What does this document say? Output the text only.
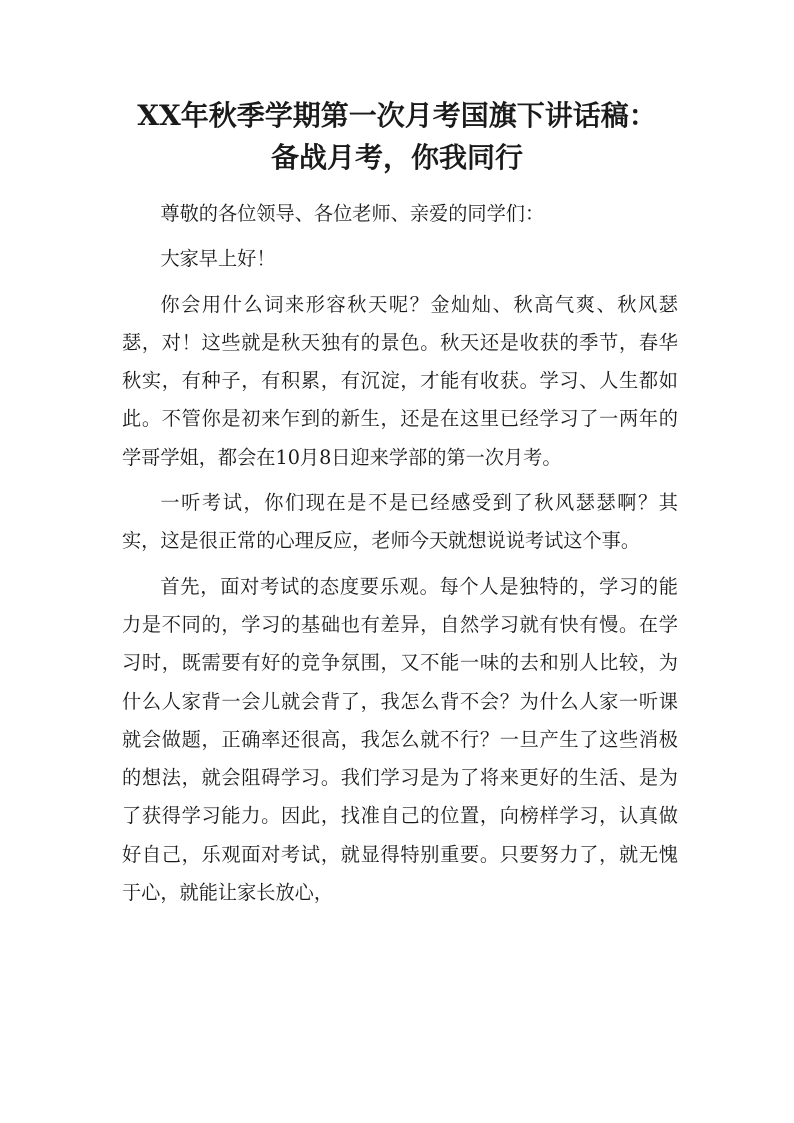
XX年秋季学期第一次月考国旗下讲话稿：
备战月考，你我同行

尊敬的各位领导、各位老师、亲爱的同学们：

大家早上好！

你会用什么词来形容秋天呢？金灿灿、秋高气爽、秋风瑟瑟，对！这些就是秋天独有的景色。秋天还是收获的季节，春华秋实，有种子，有积累，有沉淀，才能有收获。学习、人生都如此。不管你是初来乍到的新生，还是在这里已经学习了一两年的学哥学姐，都会在10月8日迎来学部的第一次月考。

一听考试，你们现在是不是已经感受到了秋风瑟瑟啊？其实，这是很正常的心理反应，老师今天就想说说考试这个事。

首先，面对考试的态度要乐观。每个人是独特的，学习的能力是不同的，学习的基础也有差异，自然学习就有快有慢。在学习时，既需要有好的竞争氛围，又不能一味的去和别人比较，为什么人家背一会儿就会背了，我怎么背不会？为什么人家一听课就会做题，正确率还很高，我怎么就不行？一旦产生了这些消极的想法，就会阻碍学习。我们学习是为了将来更好的生活、是为了获得学习能力。因此，找准自己的位置，向榜样学习，认真做好自己，乐观面对考试，就显得特别重要。只要努力了，就无愧于心，就能让家长放心，
